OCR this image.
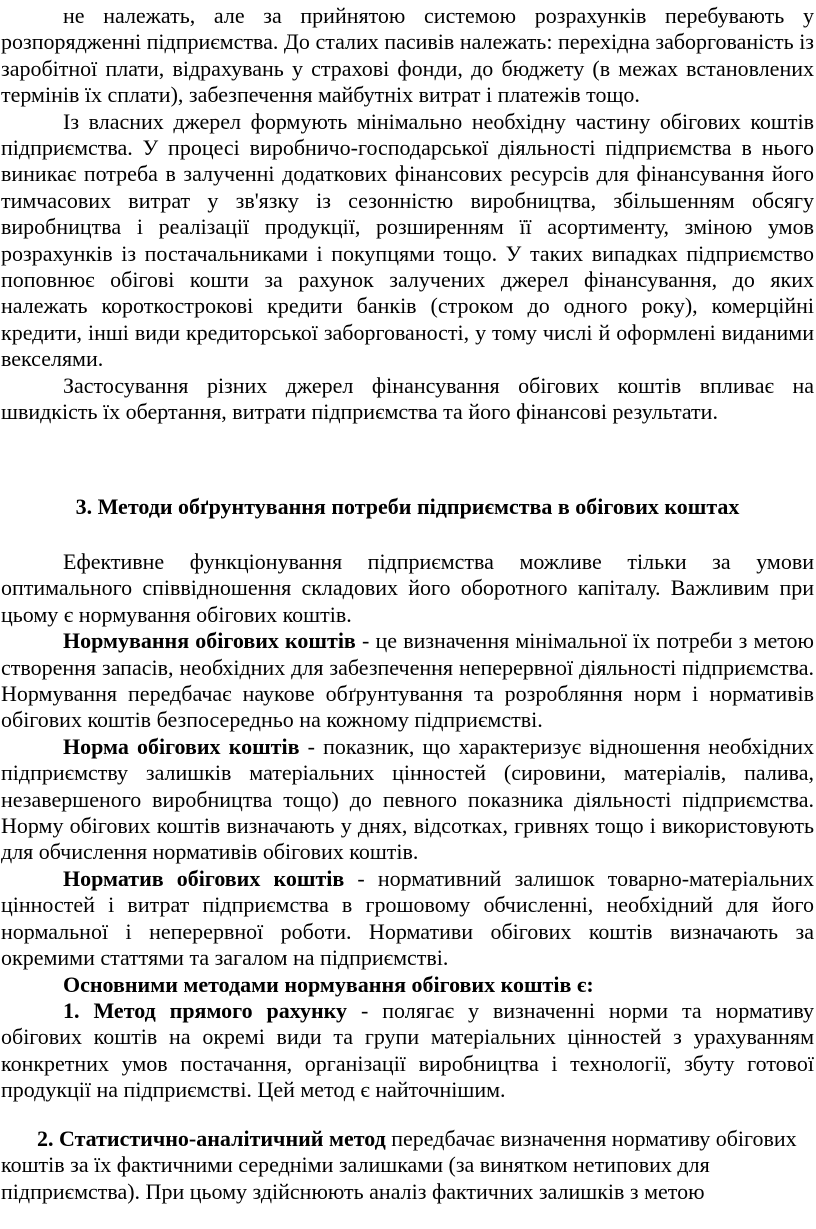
не належать, але за прийнятою системою розрахунків перебувають у розпорядженні підприємства. До сталих пасивів належать: перехідна заборгованість із заробітної плати, відрахувань у страхові фонди, до бюджету (в межах встановлених термінів їх сплати), забезпечення майбутніх витрат і платежів тощо.

Із власних джерел формують мінімально необхідну частину обігових коштів підприємства. У процесі виробничо-господарської діяльності підприємства в нього виникає потреба в залученні додаткових фінансових ресурсів для фінансування його тимчасових витрат у зв'язку із сезонністю виробництва, збільшенням обсягу виробництва і реалізації продукції, розширенням її асортименту, зміною умов розрахунків із постачальниками і покупцями тощо. У таких випадках підприємство поповнює обігові кошти за рахунок залучених джерел фінансування, до яких належать короткострокові кредити банків (строком до одного року), комерційні кредити, інші види кредиторської заборгованості, у тому числі й оформлені виданими векселями.

Застосування різних джерел фінансування обігових коштів впливає на швидкість їх обертання, витрати підприємства та його фінансові результати.

3. Методи обґрунтування потреби підприємства в обігових коштах

Ефективне функціонування підприємства можливе тільки за умови оптимального співвідношення складових його оборотного капіталу. Важливим при цьому є нормування обігових коштів.

Нормування обігових коштів - це визначення мінімальної їх потреби з метою створення запасів, необхідних для забезпечення неперервної діяльності підприємства. Нормування передбачає наукове обґрунтування та розробляння норм і нормативів обігових коштів безпосередньо на кожному підприємстві.

Норма обігових коштів - показник, що характеризує відношення необхідних підприємству залишків матеріальних цінностей (сировини, матеріалів, палива, незавершеного виробництва тощо) до певного показника діяльності підприємства. Норму обігових коштів визначають у днях, відсотках, гривнях тощо і використовують для обчислення нормативів обігових коштів.

Норматив обігових коштів - нормативний залишок товарно-матеріальних цінностей і витрат підприємства в грошовому обчисленні, необхідний для його нормальної і неперервної роботи. Нормативи обігових коштів визначають за окремими статтями та загалом на підприємстві.

Основними методами нормування обігових коштів є:

1. Метод прямого рахунку - полягає у визначенні норми та нормативу обігових коштів на окремі види та групи матеріальних цінностей з урахуванням конкретних умов постачання, організації виробництва і технології, збуту готової продукції на підприємстві. Цей метод є найточнішим.

2. Статистично-аналітичний метод передбачає визначення нормативу обігових коштів за їх фактичними середніми залишками (за винятком нетипових для підприємства). При цьому здійснюють аналіз фактичних залишків з метою
